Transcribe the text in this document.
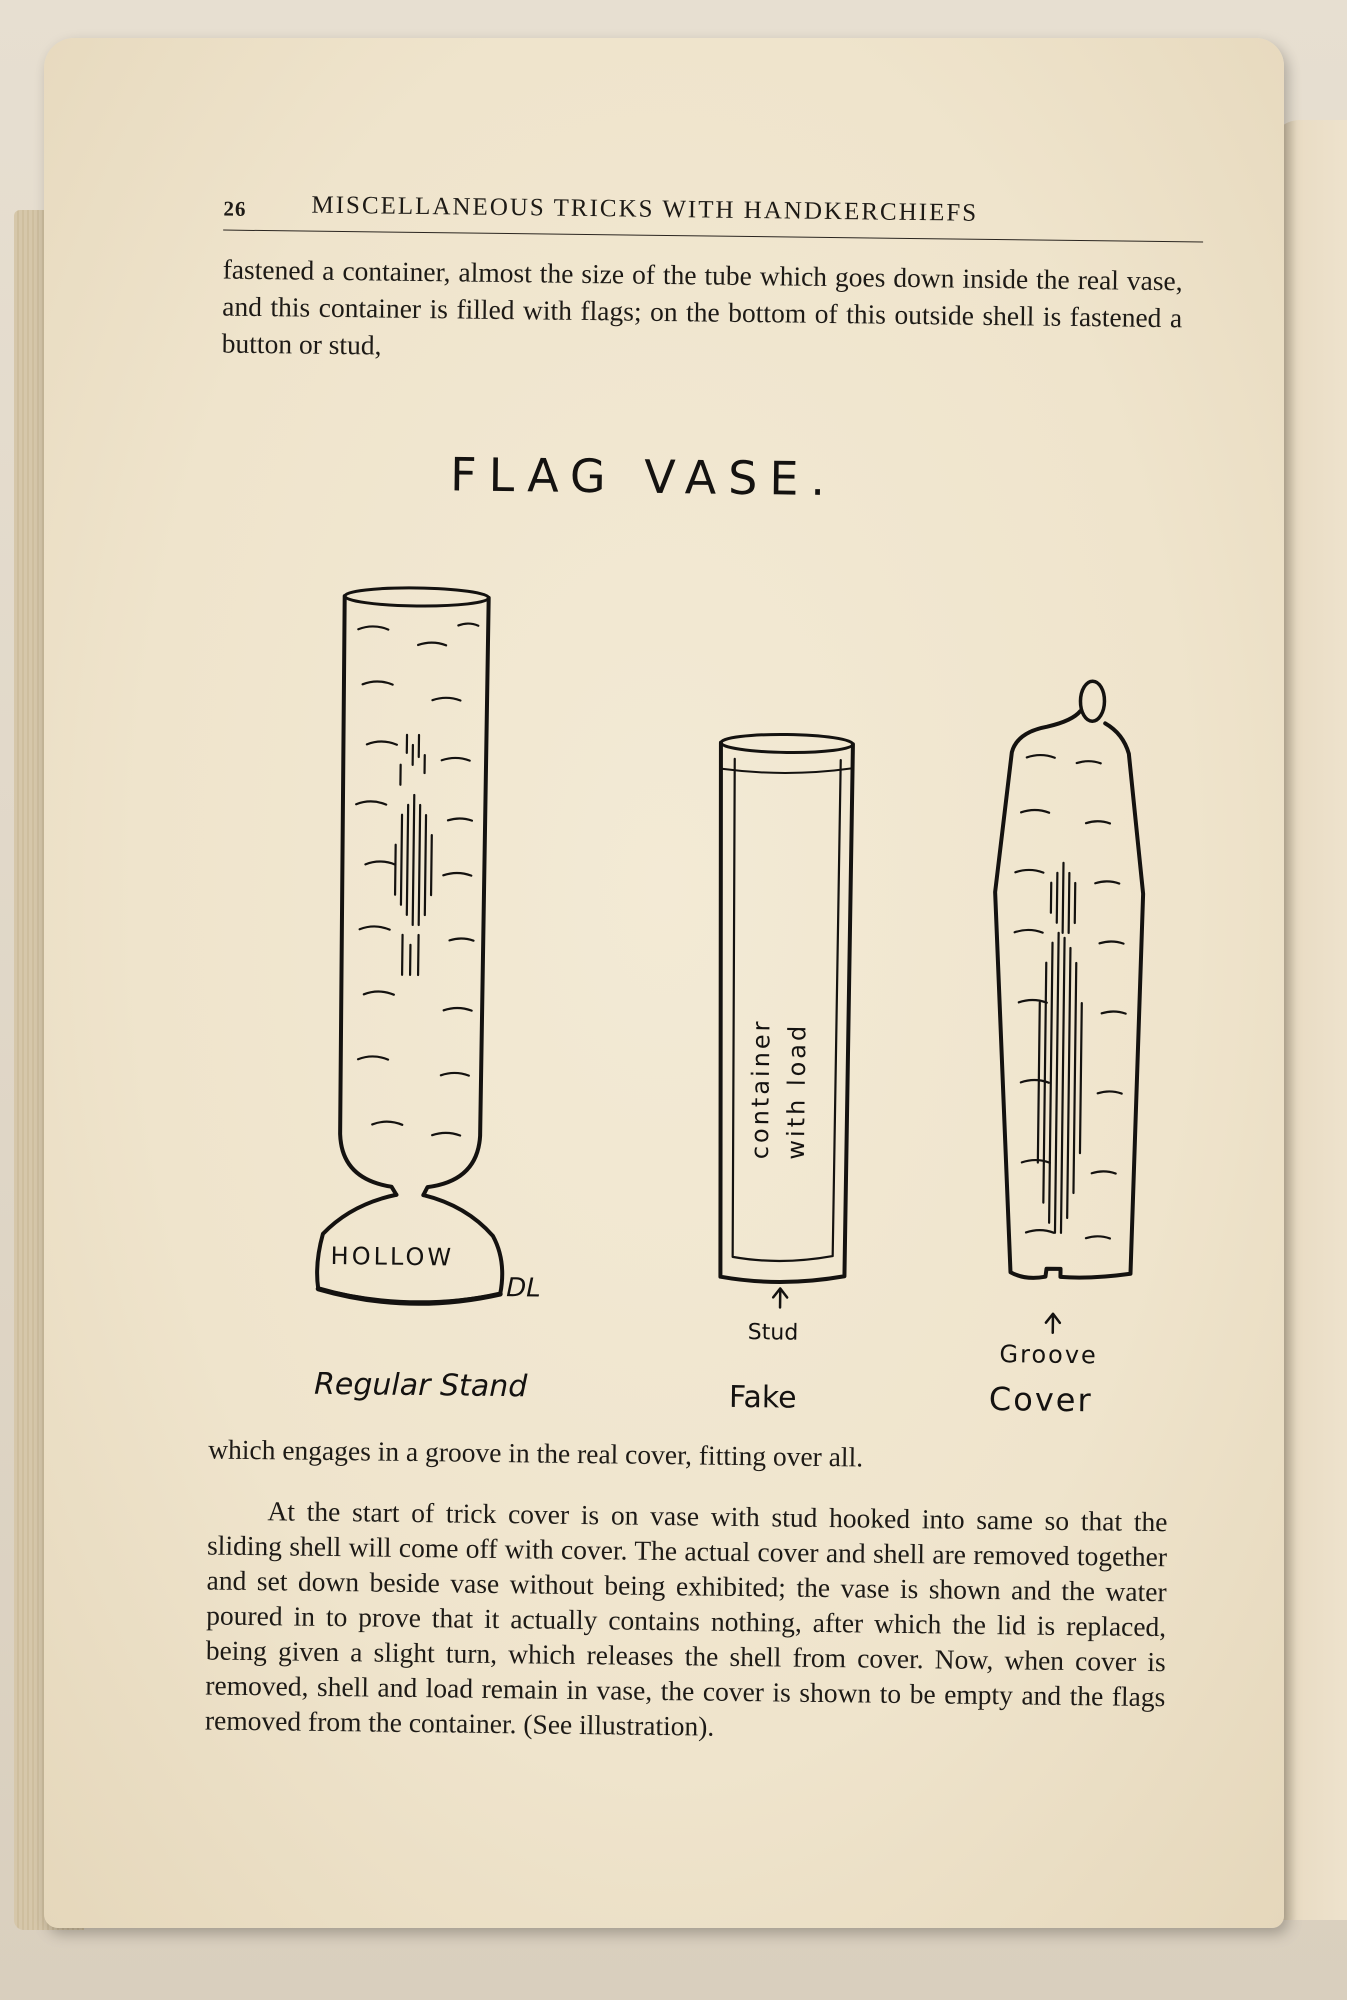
26	MISCELLANEOUS TRICKS WITH HANDKERCHIEFS

fastened a container, almost the size of the tube which goes down inside the real vase, and this container is filled with flags; on the bottom of this outside shell is fastened a button or stud,

FLAG VASE.
HOLLOW
DL
container with load
Stud
Groove
Regular Stand	Fake	Cover

which engages in a groove in the real cover, fitting over all.

At the start of trick cover is on vase with stud hooked into same so that the sliding shell will come off with cover. The actual cover and shell are removed together and set down beside vase without being exhibited; the vase is shown and the water poured in to prove that it actually contains nothing, after which the lid is replaced, being given a slight turn, which releases the shell from cover. Now, when cover is removed, shell and load remain in vase, the cover is shown to be empty and the flags removed from the container. (See illustration).
